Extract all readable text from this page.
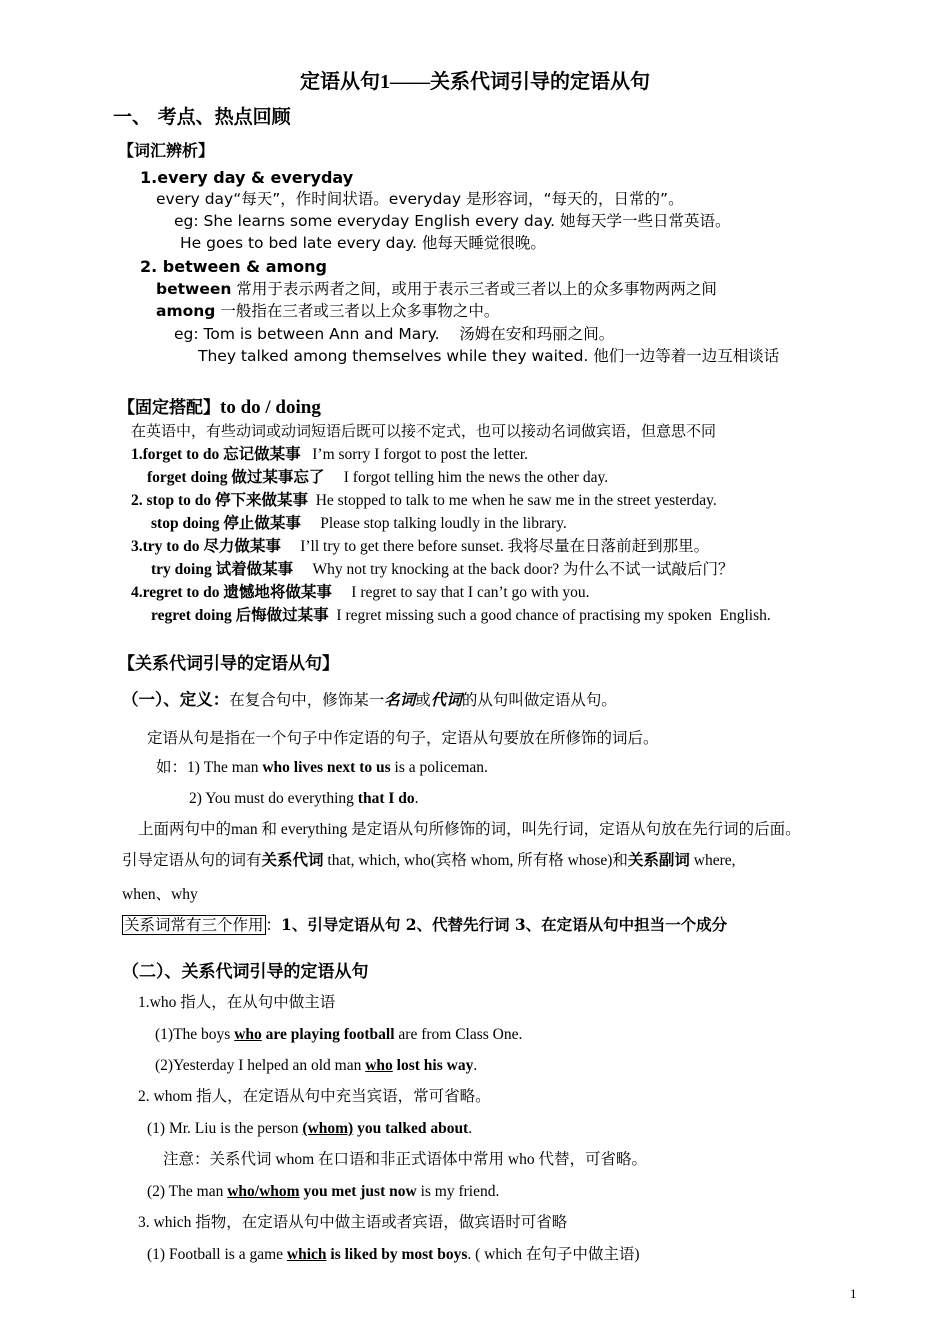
定语从句1——关系代词引导的定语从句
一、 考点、热点回顾
【词汇辨析】
1.every day & everyday
every day“每天”，作时间状语。everyday 是形容词，“每天的，日常的”。
eg: She learns some everyday English every day. 她每天学一些日常英语。
He goes to bed late every day. 他每天睡觉很晚。
2. between & among
between 常用于表示两者之间，或用于表示三者或三者以上的众多事物两两之间
among 一般指在三者或三者以上众多事物之中。
eg: Tom is between Ann and Mary.    汤姆在安和玛丽之间。
They talked among themselves while they waited. 他们一边等着一边互相谈话
【固定搭配】to do / doing
在英语中，有些动词或动词短语后既可以接不定式，也可以接动名词做宾语，但意思不同
1.forget to do 忘记做某事   I’m sorry I forgot to post the letter.
forget doing 做过某事忘了     I forgot telling him the news the other day.
2. stop to do 停下来做某事  He stopped to talk to me when he saw me in the street yesterday.
stop doing 停止做某事     Please stop talking loudly in the library.
3.try to do 尽力做某事     I’ll try to get there before sunset. 我将尽量在日落前赶到那里。
try doing 试着做某事     Why not try knocking at the back door? 为什么不试一试敲后门？
4.regret to do 遗憾地将做某事     I regret to say that I can’t go with you.
regret doing 后悔做过某事  I regret missing such a good chance of practising my spoken  English.
【关系代词引导的定语从句】
（一）、定义：在复合句中，修饰某一名词或代词的从句叫做定语从句。
定语从句是指在一个句子中作定语的句子，定语从句要放在所修饰的词后。
如：1) The man who lives next to us is a policeman.
2) You must do everything that I do.
上面两句中的man 和 everything 是定语从句所修饰的词，叫先行词，定语从句放在先行词的后面。
引导定语从句的词有关系代词 that, which, who(宾格 whom, 所有格 whose)和关系副词 where,
when、why
关系词常有三个作用 ：1、引导定语从句 2、代替先行词 3、在定语从句中担当一个成分
（二）、关系代词引导的定语从句
1.who 指人，在从句中做主语
(1)The boys who are playing football are from Class One.
(2)Yesterday I helped an old man who lost his way.
2. whom 指人，在定语从句中充当宾语，常可省略。
(1) Mr. Liu is the person (whom) you talked about.
注意：关系代词 whom 在口语和非正式语体中常用 who 代替，可省略。
(2) The man who/whom you met just now is my friend.
3. which 指物，在定语从句中做主语或者宾语，做宾语时可省略
(1) Football is a game which is liked by most boys. ( which 在句子中做主语)
1
